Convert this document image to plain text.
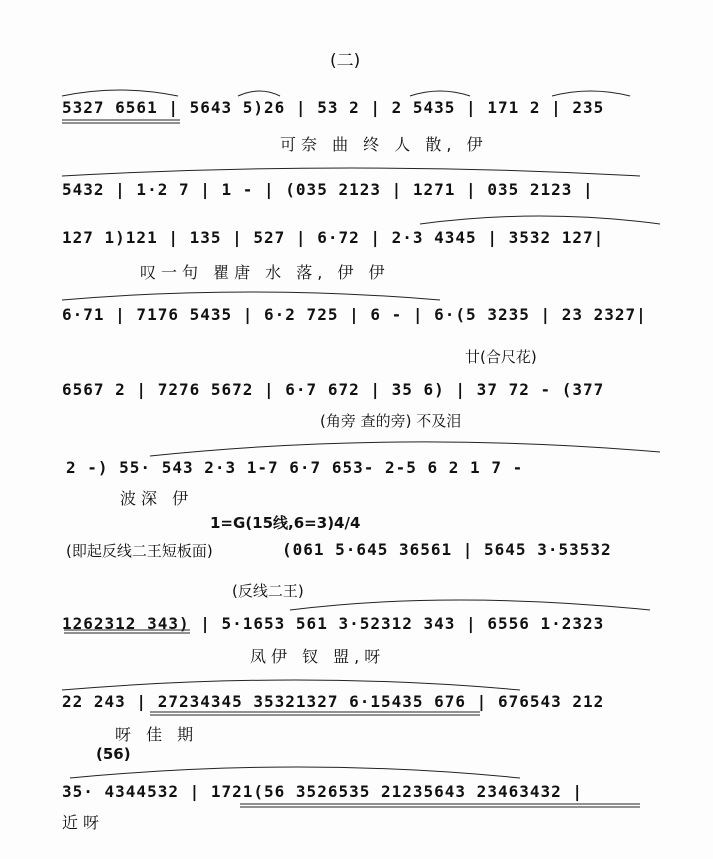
(二)
5327 6561 | 5643 5)26 | 53 2 | 2 5435 | 171 2 | 235
可奈 曲 终 人 散, 伊
5432 | 1·2 7 | 1 - | (035 2123 | 1271 | 035 2123 |
127 1)121 | 135 | 527 | 6·72 | 2·3 4345 | 3532 127|
叹一句 瞿唐 水 落, 伊 伊
6·71 | 7176 5435 | 6·2 725 | 6 - | 6·(5 3235 | 23 2327|
廿(合尺花)
6567 2 | 7276 5672 | 6·7 672 | 35 6) | 37 72 - (377
(角旁 查的旁) 不及泪
2 -) 55· 543 2·3 1-7 6·7 653- 2-5 6 2 1 7 -
波深 伊
1=G(15线,6=3)4/4
(即起反线二王短板面)	(061 5·645 36561 | 5645 3·53532
(反线二王)
1262312 343) | 5·1653 561 3·52312 343 | 6556 1·2323
凤伊 钗 盟,呀
22 243 | 27234345 35321327 6·15435 676 | 676543 212
呀 佳 期
(56)
35· 4344532 | 1721(56 3526535 21235643 23463432 |
近呀
